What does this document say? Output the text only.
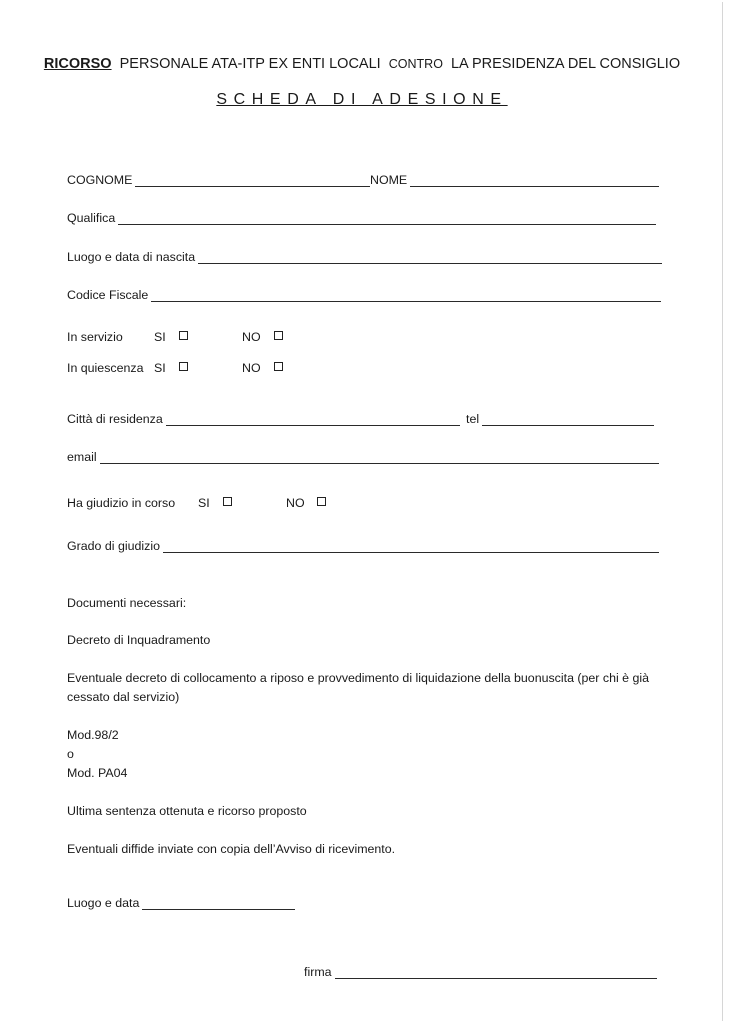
RICORSO PERSONALE ATA-ITP EX ENTI LOCALI CONTRO LA PRESIDENZA DEL CONSIGLIO
SCHEDA DI ADESIONE
COGNOME	NOME
Qualifica
Luogo e data di nascita
Codice Fiscale
In servizio	SI	NO
In quiescenza SI	NO
Città di residenza	tel
email
Ha giudizio in corso SI	NO
Grado di giudizio
Documenti necessari:
Decreto di Inquadramento
Eventuale decreto di collocamento a riposo e provvedimento di liquidazione della buonuscita (per chi è già
cessato dal servizio)
Mod.98/2
o
Mod. PA04
Ultima sentenza ottenuta e ricorso proposto
Eventuali diffide inviate con copia dell’Avviso di ricevimento.
Luogo e data
firma
